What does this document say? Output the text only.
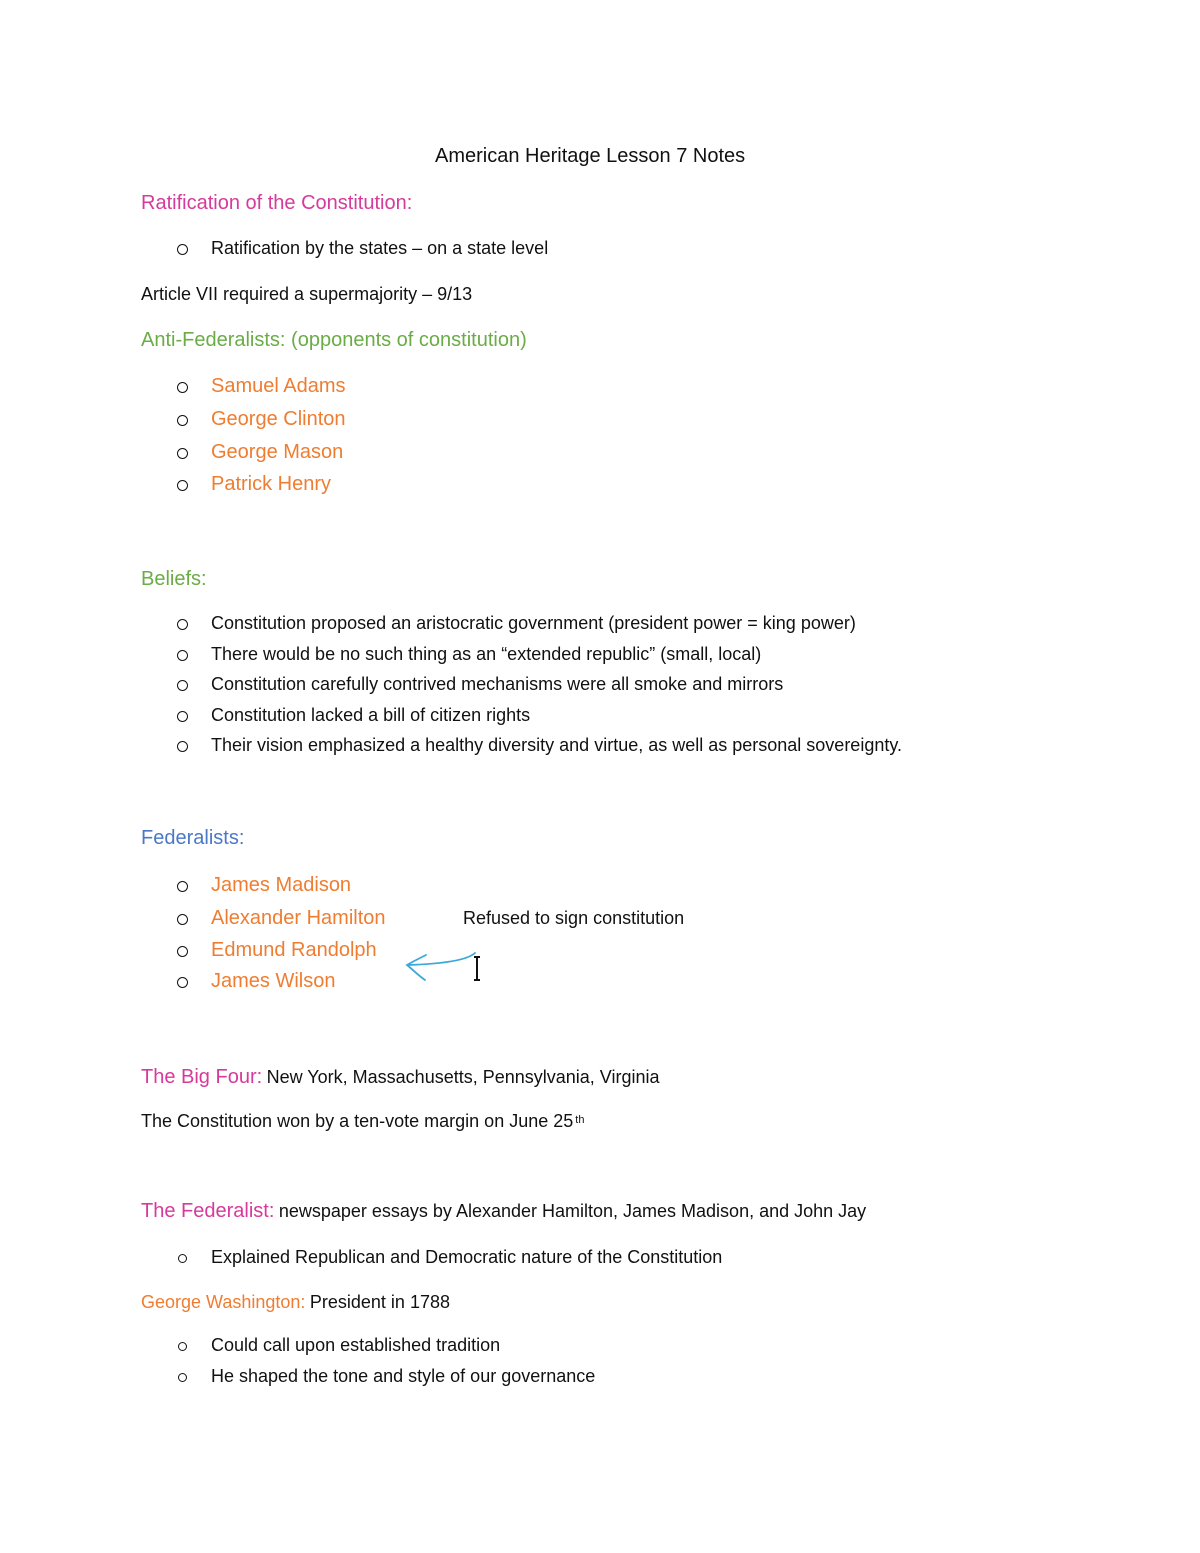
American Heritage Lesson 7 Notes
Ratification of the Constitution:
Ratification by the states – on a state level
Article VII required a supermajority – 9/13
Anti-Federalists: (opponents of constitution)
Samuel Adams
George Clinton
George Mason
Patrick Henry
Beliefs:
Constitution proposed an aristocratic government (president power = king power)
There would be no such thing as an “extended republic” (small, local)
Constitution carefully contrived mechanisms were all smoke and mirrors
Constitution lacked a bill of citizen rights
Their vision emphasized a healthy diversity and virtue, as well as personal sovereignty.
Federalists:
James Madison
Alexander Hamilton
Edmund Randolph
James Wilson
Refused to sign constitution
The Big Four: New York, Massachusetts, Pennsylvania, Virginia
The Constitution won by a ten-vote margin on June 25 $^{th}$
The Federalist: newspaper essays by Alexander Hamilton, James Madison, and John Jay
Explained Republican and Democratic nature of the Constitution
George Washington: President in 1788
Could call upon established tradition
He shaped the tone and style of our governance
